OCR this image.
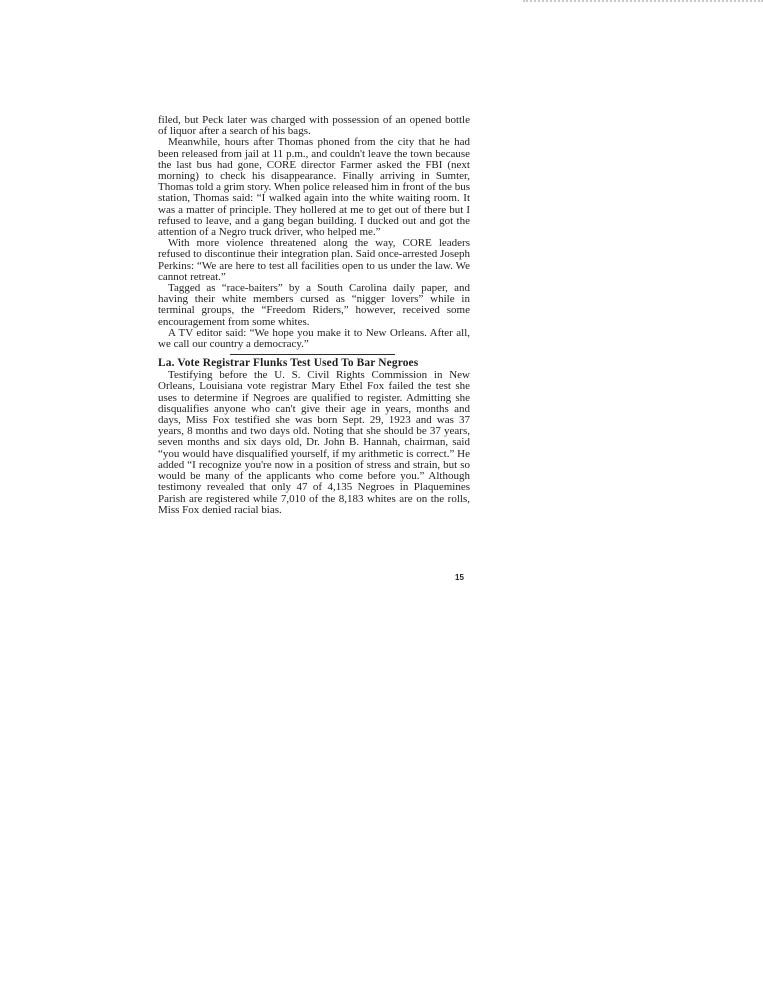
filed, but Peck later was charged with possession of an opened bottle of liquor after a search of his bags.

Meanwhile, hours after Thomas phoned from the city that he had been released from jail at 11 p.m., and couldn't leave the town because the last bus had gone, CORE director Farmer asked the FBI (next morning) to check his disappearance. Finally arriving in Sumter, Thomas told a grim story. When police released him in front of the bus station, Thomas said: “I walked again into the white waiting room. It was a matter of principle. They hollered at me to get out of there but I refused to leave, and a gang began building. I ducked out and got the attention of a Negro truck driver, who helped me.”

With more violence threatened along the way, CORE leaders refused to discontinue their integration plan. Said once-arrested Joseph Perkins: “We are here to test all facilities open to us under the law. We cannot retreat.”

Tagged as “race-baiters” by a South Carolina daily paper, and having their white members cursed as “nigger lovers” while in terminal groups, the “Freedom Riders,” however, received some encouragement from some whites.

A TV editor said: “We hope you make it to New Orleans. After all, we call our country a democracy.”

La. Vote Registrar Flunks Test Used To Bar Negroes

Testifying before the U. S. Civil Rights Commission in New Orleans, Louisiana vote registrar Mary Ethel Fox failed the test she uses to determine if Negroes are qualified to register. Admitting she disqualifies anyone who can't give their age in years, months and days, Miss Fox testified she was born Sept. 29, 1923 and was 37 years, 8 months and two days old. Noting that she should be 37 years, seven months and six days old, Dr. John B. Hannah, chairman, said “you would have disqualified yourself, if my arithmetic is correct.” He added “I recognize you're now in a position of stress and strain, but so would be many of the applicants who come before you.” Although testimony revealed that only 47 of 4,135 Negroes in Plaquemines Parish are registered while 7,010 of the 8,183 whites are on the rolls, Miss Fox denied racial bias.

15
